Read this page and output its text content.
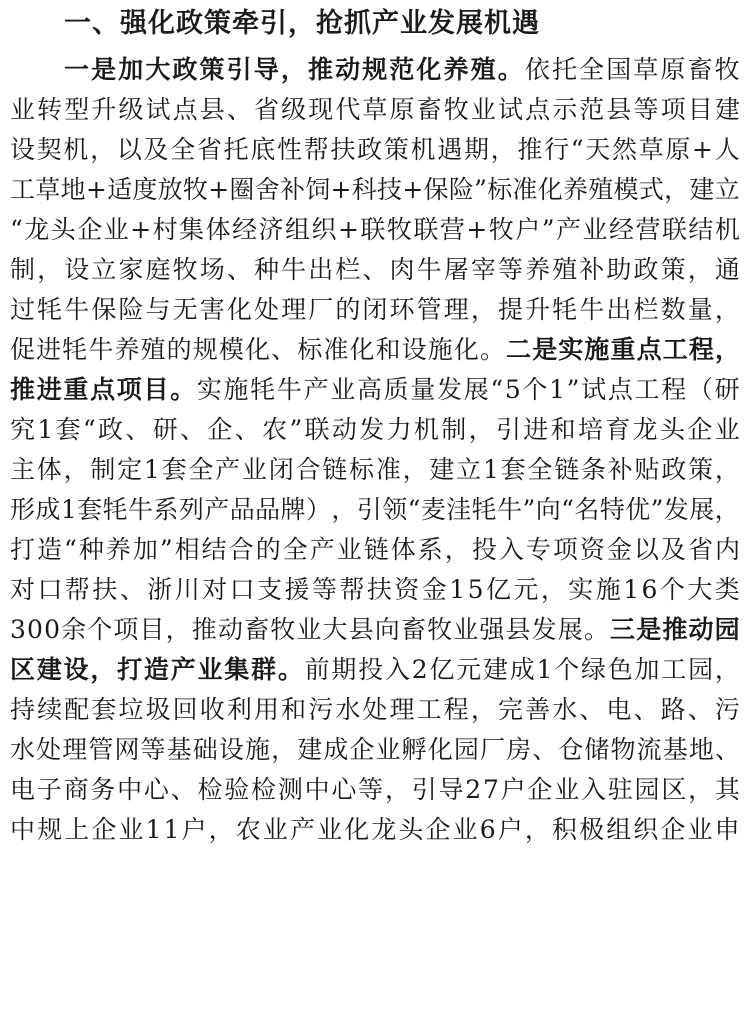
一、强化政策牵引，抢抓产业发展机遇
一 是 加 大 政 策 引 导 ， 推 动 规 范 化 养 殖 。 依 托 全 国 草 原 畜 牧
业 转 型 升 级 试 点 县 、 省 级 现 代 草 原 畜 牧 业 试 点 示 范 县 等 项 目 建
设 契 机 ， 以 及 全 省 托 底 性 帮 扶 政 策 机 遇 期 ， 推 行 “ 天 然 草 原 + 人
工 草 地 + 适 度 放 牧 + 圈 舍 补 饲 + 科 技 + 保 险 ” 标 准 化 养 殖 模 式 ， 建 立
“ 龙 头 企 业 + 村 集 体 经 济 组 织 + 联 牧 联 营 + 牧 户 ” 产 业 经 营 联 结 机
制 ， 设 立 家 庭 牧 场 、 种 牛 出 栏 、 肉 牛 屠 宰 等 养 殖 补 助 政 策 ， 通
过 牦 牛 保 险 与 无 害 化 处 理 厂 的 闭 环 管 理 ， 提 升 牦 牛 出 栏 数 量 ，
促 进 牦 牛 养 殖 的 规 模 化 、 标 准 化 和 设 施 化 。 二 是 实 施 重 点 工 程 ，
推 进 重 点 项 目 。 实 施 牦 牛 产 业 高 质 量 发 展 “ 5 个 1 ” 试 点 工 程 （ 研
究 1 套 “ 政 、 研 、 企 、 农 ” 联 动 发 力 机 制 ， 引 进 和 培 育 龙 头 企 业
主 体 ， 制 定 1 套 全 产 业 闭 合 链 标 准 ， 建 立 1 套 全 链 条 补 贴 政 策 ，
形 成 1 套 牦 牛 系 列 产 品 品 牌 ） ， 引 领 “ 麦 洼 牦 牛 ” 向 “ 名 特 优 ” 发 展 ，
打 造 “ 种 养 加 ” 相 结 合 的 全 产 业 链 体 系 ， 投 入 专 项 资 金 以 及 省 内
对 口 帮 扶 、 浙 川 对 口 支 援 等 帮 扶 资 金 1 5 亿 元 ， 实 施 1 6 个 大 类
3 0 0 余 个 项 目 ， 推 动 畜 牧 业 大 县 向 畜 牧 业 强 县 发 展 。 三 是 推 动 园
区 建 设 ， 打 造 产 业 集 群 。 前 期 投 入 2 亿 元 建 成 1 个 绿 色 加 工 园 ，
持 续 配 套 垃 圾 回 收 利 用 和 污 水 处 理 工 程 ， 完 善 水 、 电 、 路 、 污
水 处 理 管 网 等 基 础 设 施 ， 建 成 企 业 孵 化 园 厂 房 、 仓 储 物 流 基 地 、
电 子 商 务 中 心 、 检 验 检 测 中 心 等 ， 引 导 2 7 户 企 业 入 驻 园 区 ， 其
中 规 上 企 业 1 1 户 ， 农 业 产 业 化 龙 头 企 业 6 户 ， 积 极 组 织 企 业 申
